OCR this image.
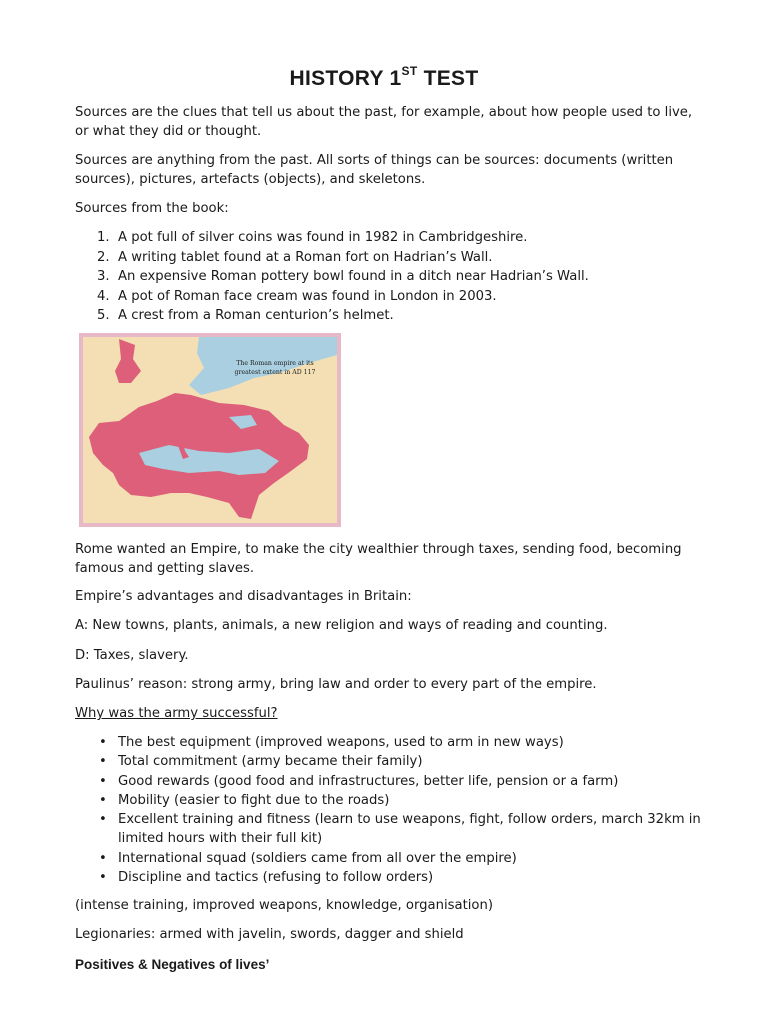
HISTORY 1ST TEST

Sources are the clues that tell us about the past, for example, about how people used to live, or what they did or thought.

Sources are anything from the past. All sorts of things can be sources: documents (written sources), pictures, artefacts (objects), and skeletons.

Sources from the book:

1. A pot full of silver coins was found in 1982 in Cambridgeshire.
2. A writing tablet found at a Roman fort on Hadrian’s Wall.
3. An expensive Roman pottery bowl found in a ditch near Hadrian’s Wall.
4. A pot of Roman face cream was found in London in 2003.
5. A crest from a Roman centurion’s helmet.
The Roman empire at its
greatest extent in AD 117

Rome wanted an Empire, to make the city wealthier through taxes, sending food, becoming famous and getting slaves.

Empire’s advantages and disadvantages in Britain:

A: New towns, plants, animals, a new religion and ways of reading and counting.

D: Taxes, slavery.

Paulinus’ reason: strong army, bring law and order to every part of the empire.

Why was the army successful?

• The best equipment (improved weapons, used to arm in new ways)
• Total commitment (army became their family)
• Good rewards (good food and infrastructures, better life, pension or a farm)
• Mobility (easier to fight due to the roads)
• Excellent training and fitness (learn to use weapons, fight, follow orders, march 32km in limited hours with their full kit)
• International squad (soldiers came from all over the empire)
• Discipline and tactics (refusing to follow orders)

(intense training, improved weapons, knowledge, organisation)

Legionaries: armed with javelin, swords, dagger and shield

Positives & Negatives of lives’
